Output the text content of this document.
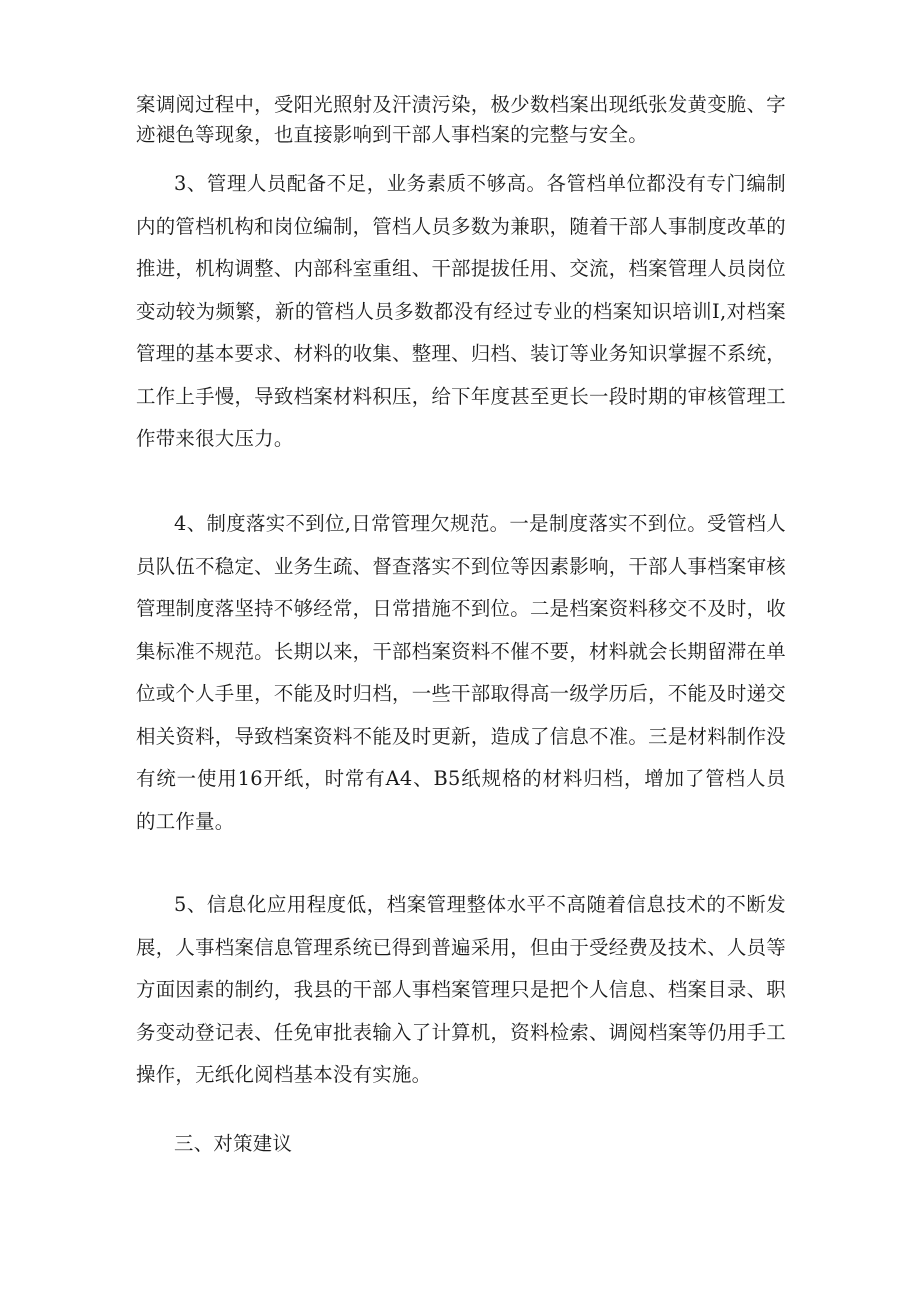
案调阅过程中，受阳光照射及汗渍污染，极少数档案出现纸张发黄变脆、字迹褪色等现象，也直接影响到干部人事档案的完整与安全。

3、管理人员配备不足，业务素质不够高。各管档单位都没有专门编制内的管档机构和岗位编制，管档人员多数为兼职，随着干部人事制度改革的推进，机构调整、内部科室重组、干部提拔任用、交流，档案管理人员岗位变动较为频繁，新的管档人员多数都没有经过专业的档案知识培训I,对档案管理的基本要求、材料的收集、整理、归档、装订等业务知识掌握不系统，工作上手慢，导致档案材料积压，给下年度甚至更长一段时期的审核管理工作带来很大压力。

4、制度落实不到位,日常管理欠规范。一是制度落实不到位。受管档人员队伍不稳定、业务生疏、督查落实不到位等因素影响，干部人事档案审核管理制度落坚持不够经常，日常措施不到位。二是档案资料移交不及时，收集标准不规范。长期以来，干部档案资料不催不要，材料就会长期留滞在单位或个人手里，不能及时归档，一些干部取得高一级学历后，不能及时递交相关资料，导致档案资料不能及时更新，造成了信息不准。三是材料制作没有统一使用16开纸，时常有A4、B5纸规格的材料归档，增加了管档人员的工作量。

5、信息化应用程度低，档案管理整体水平不高随着信息技术的不断发展，人事档案信息管理系统已得到普遍采用，但由于受经费及技术、人员等方面因素的制约，我县的干部人事档案管理只是把个人信息、档案目录、职务变动登记表、任免审批表输入了计算机，资料检索、调阅档案等仍用手工操作，无纸化阅档基本没有实施。

三、对策建议
